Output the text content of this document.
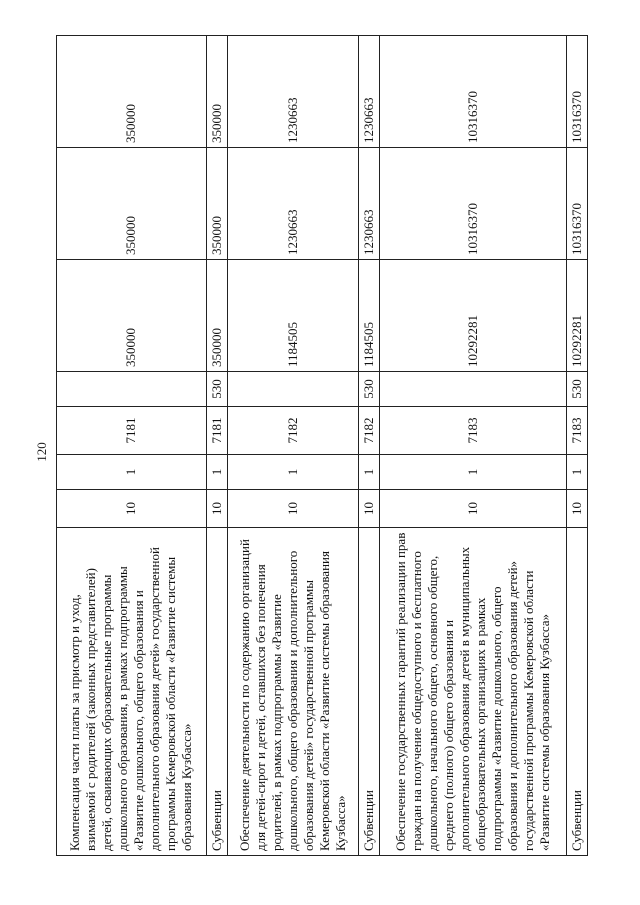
120
Компенсация части платы за присмотр и уход, взимаемой с родителей (законных представителей) детей, осваивающих образовательные программы дошкольного образования, в рамках подпрограммы «Развитие дошкольного, общего образования и дополнительного образования детей» государственной программы Кемеровской области «Развитие системы образования Кузбасса»	10	1	7181		350000	350000	350000
Субвенции	10	1	7181	530	350000	350000	350000
Обеспечение деятельности по содержанию организаций для детей-сирот и детей, оставшихся без попечения родителей, в рамках подпрограммы «Развитие дошкольного, общего образования и дополнительного образования детей» государственной программы Кемеровской области «Развитие системы образования Кузбасса»	10	1	7182		1184505	1230663	1230663
Субвенции	10	1	7182	530	1184505	1230663	1230663
Обеспечение государственных гарантий реализации прав граждан на получение общедоступного и бесплатного дошкольного, начального общего, основного общего, среднего (полного) общего образования и дополнительного образования детей в муниципальных общеобразовательных организациях в рамках подпрограммы «Развитие дошкольного, общего образования и дополнительного образования детей» государственной программы Кемеровской области «Развитие системы образования Кузбасса»	10	1	7183		10292281	10316370	10316370
Субвенции	10	1	7183	530	10292281	10316370	10316370
